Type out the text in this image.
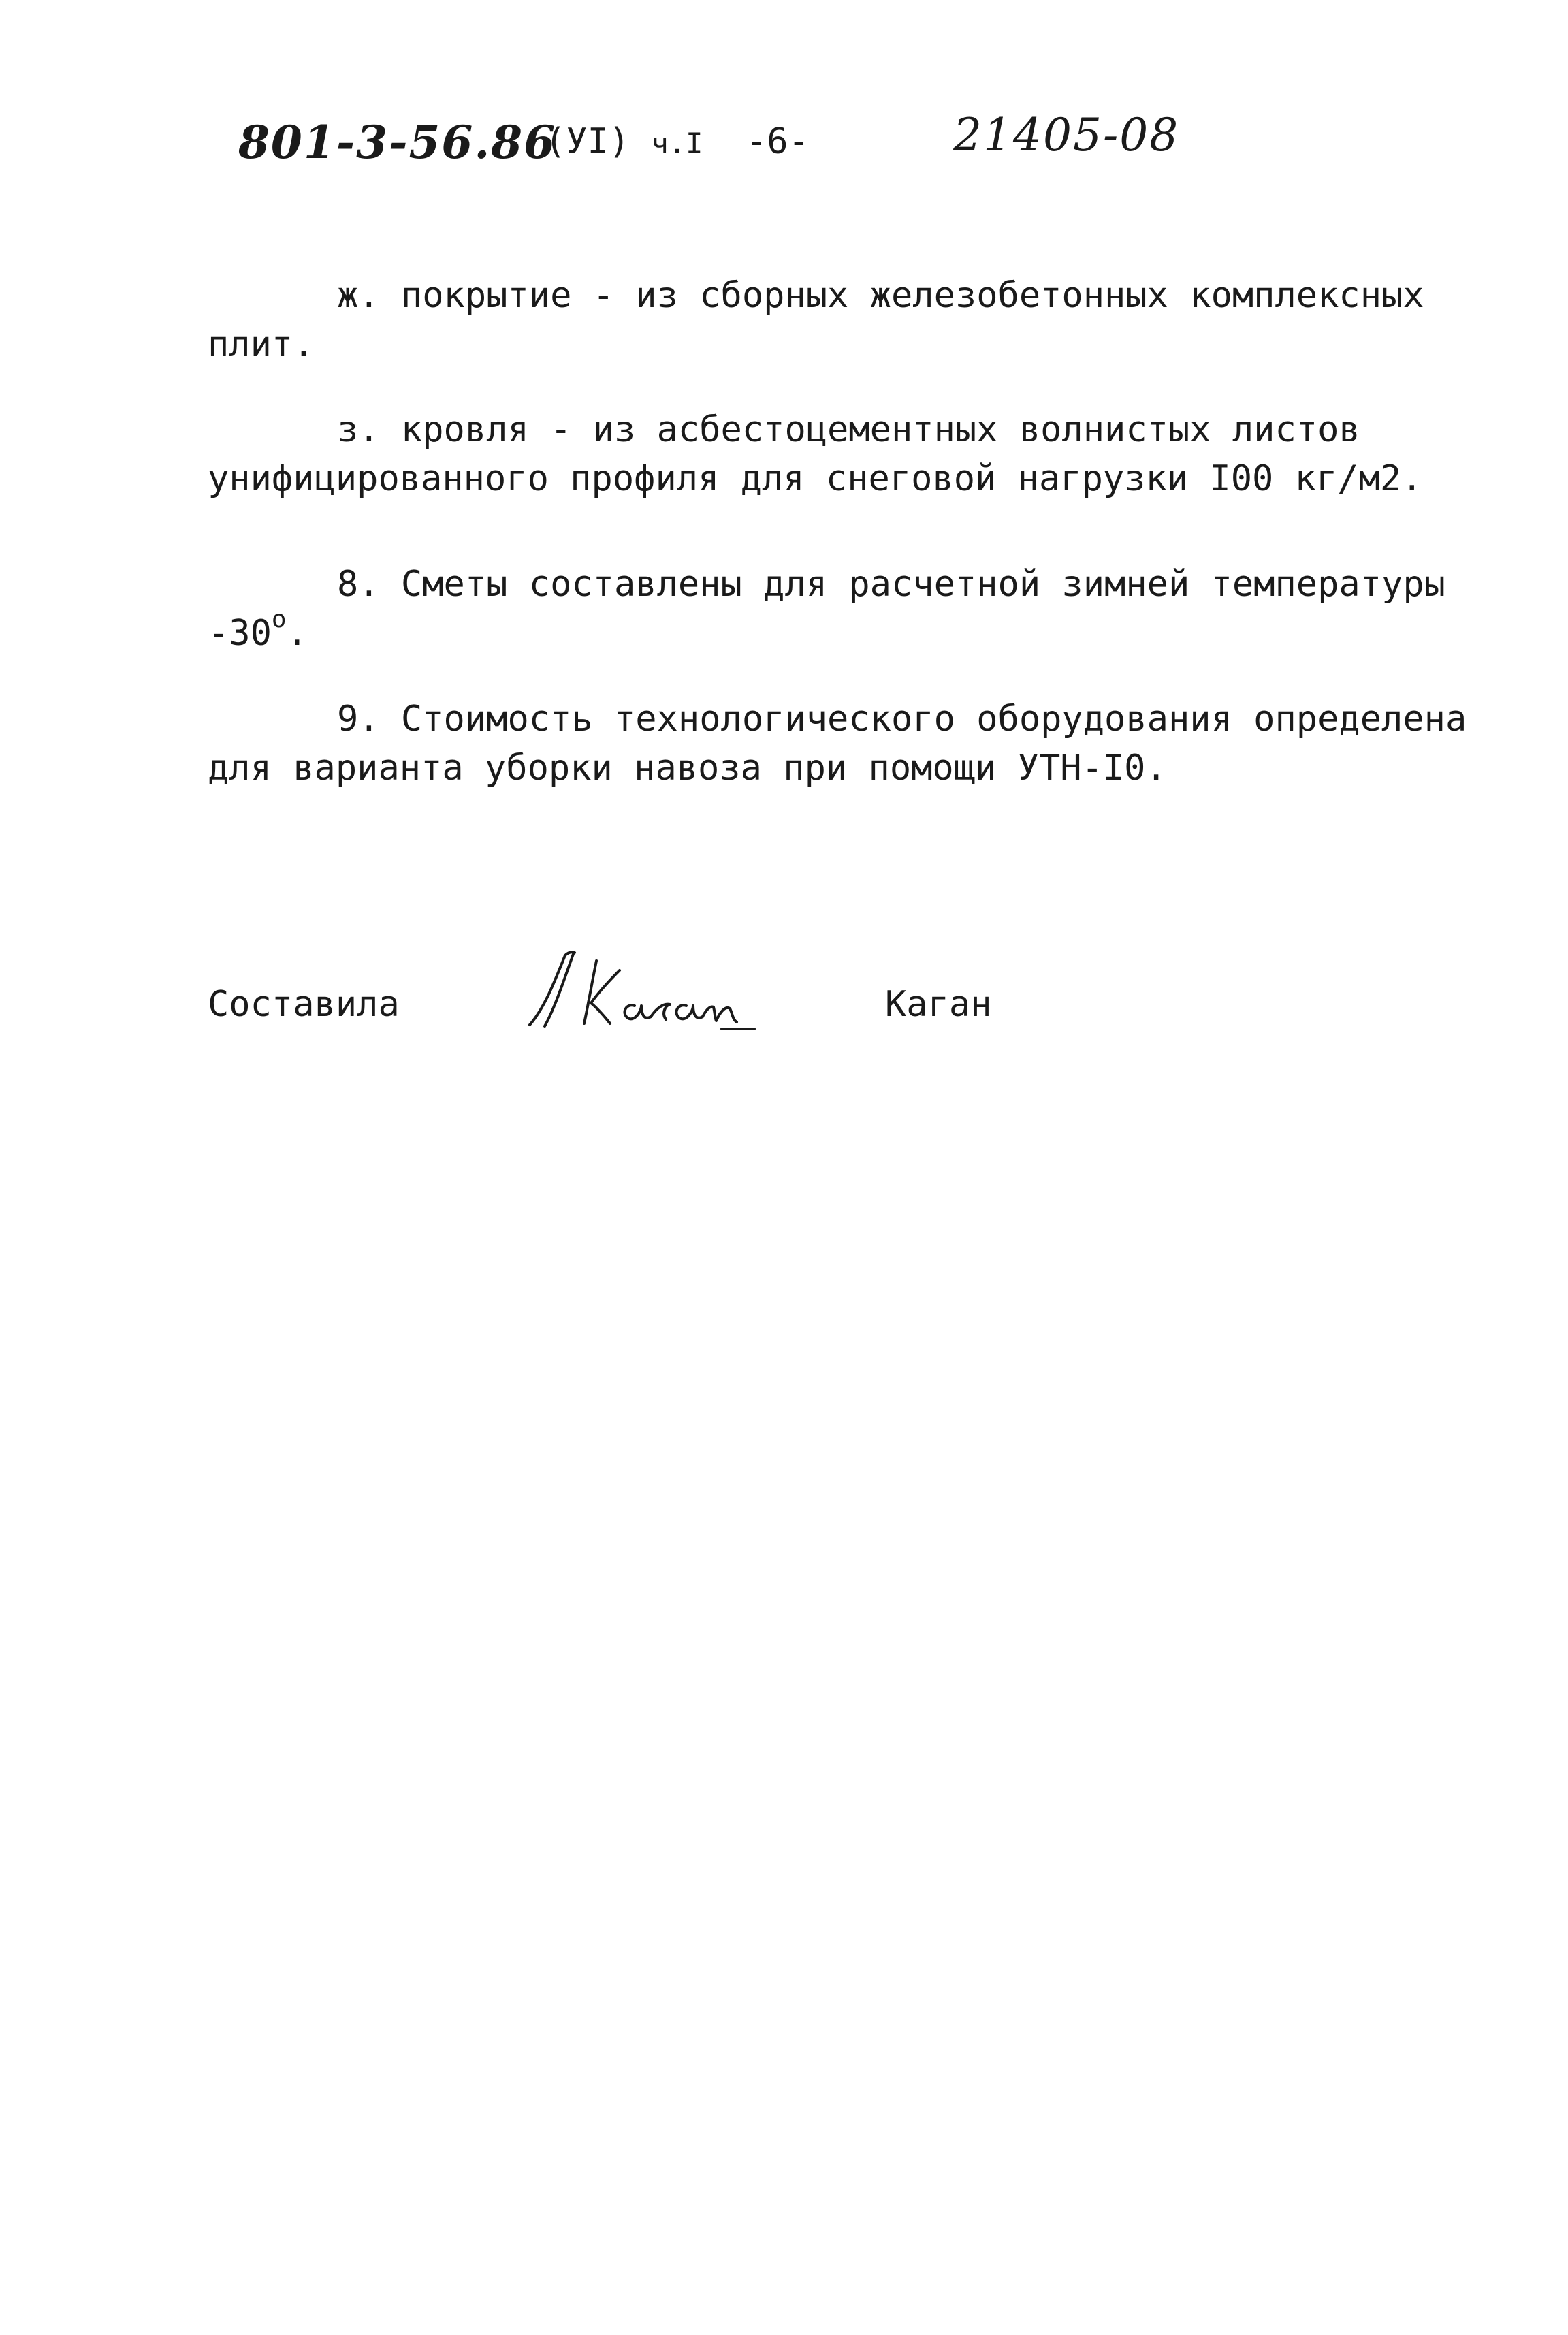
801-3-56.86
(УI) ч.I -6-	21405-08
ж. покрытие - из сборных железобетонных комплексных
плит.
з. кровля - из асбестоцементных волнистых листов
унифицированного профиля для снеговой нагрузки I00 кг/м2.
8. Сметы составлены для расчетной зимней температуры
-30$^o$.
9. Стоимость технологического оборудования определена
для варианта уборки навоза при помощи УТН-I0.
Составила	Каган
